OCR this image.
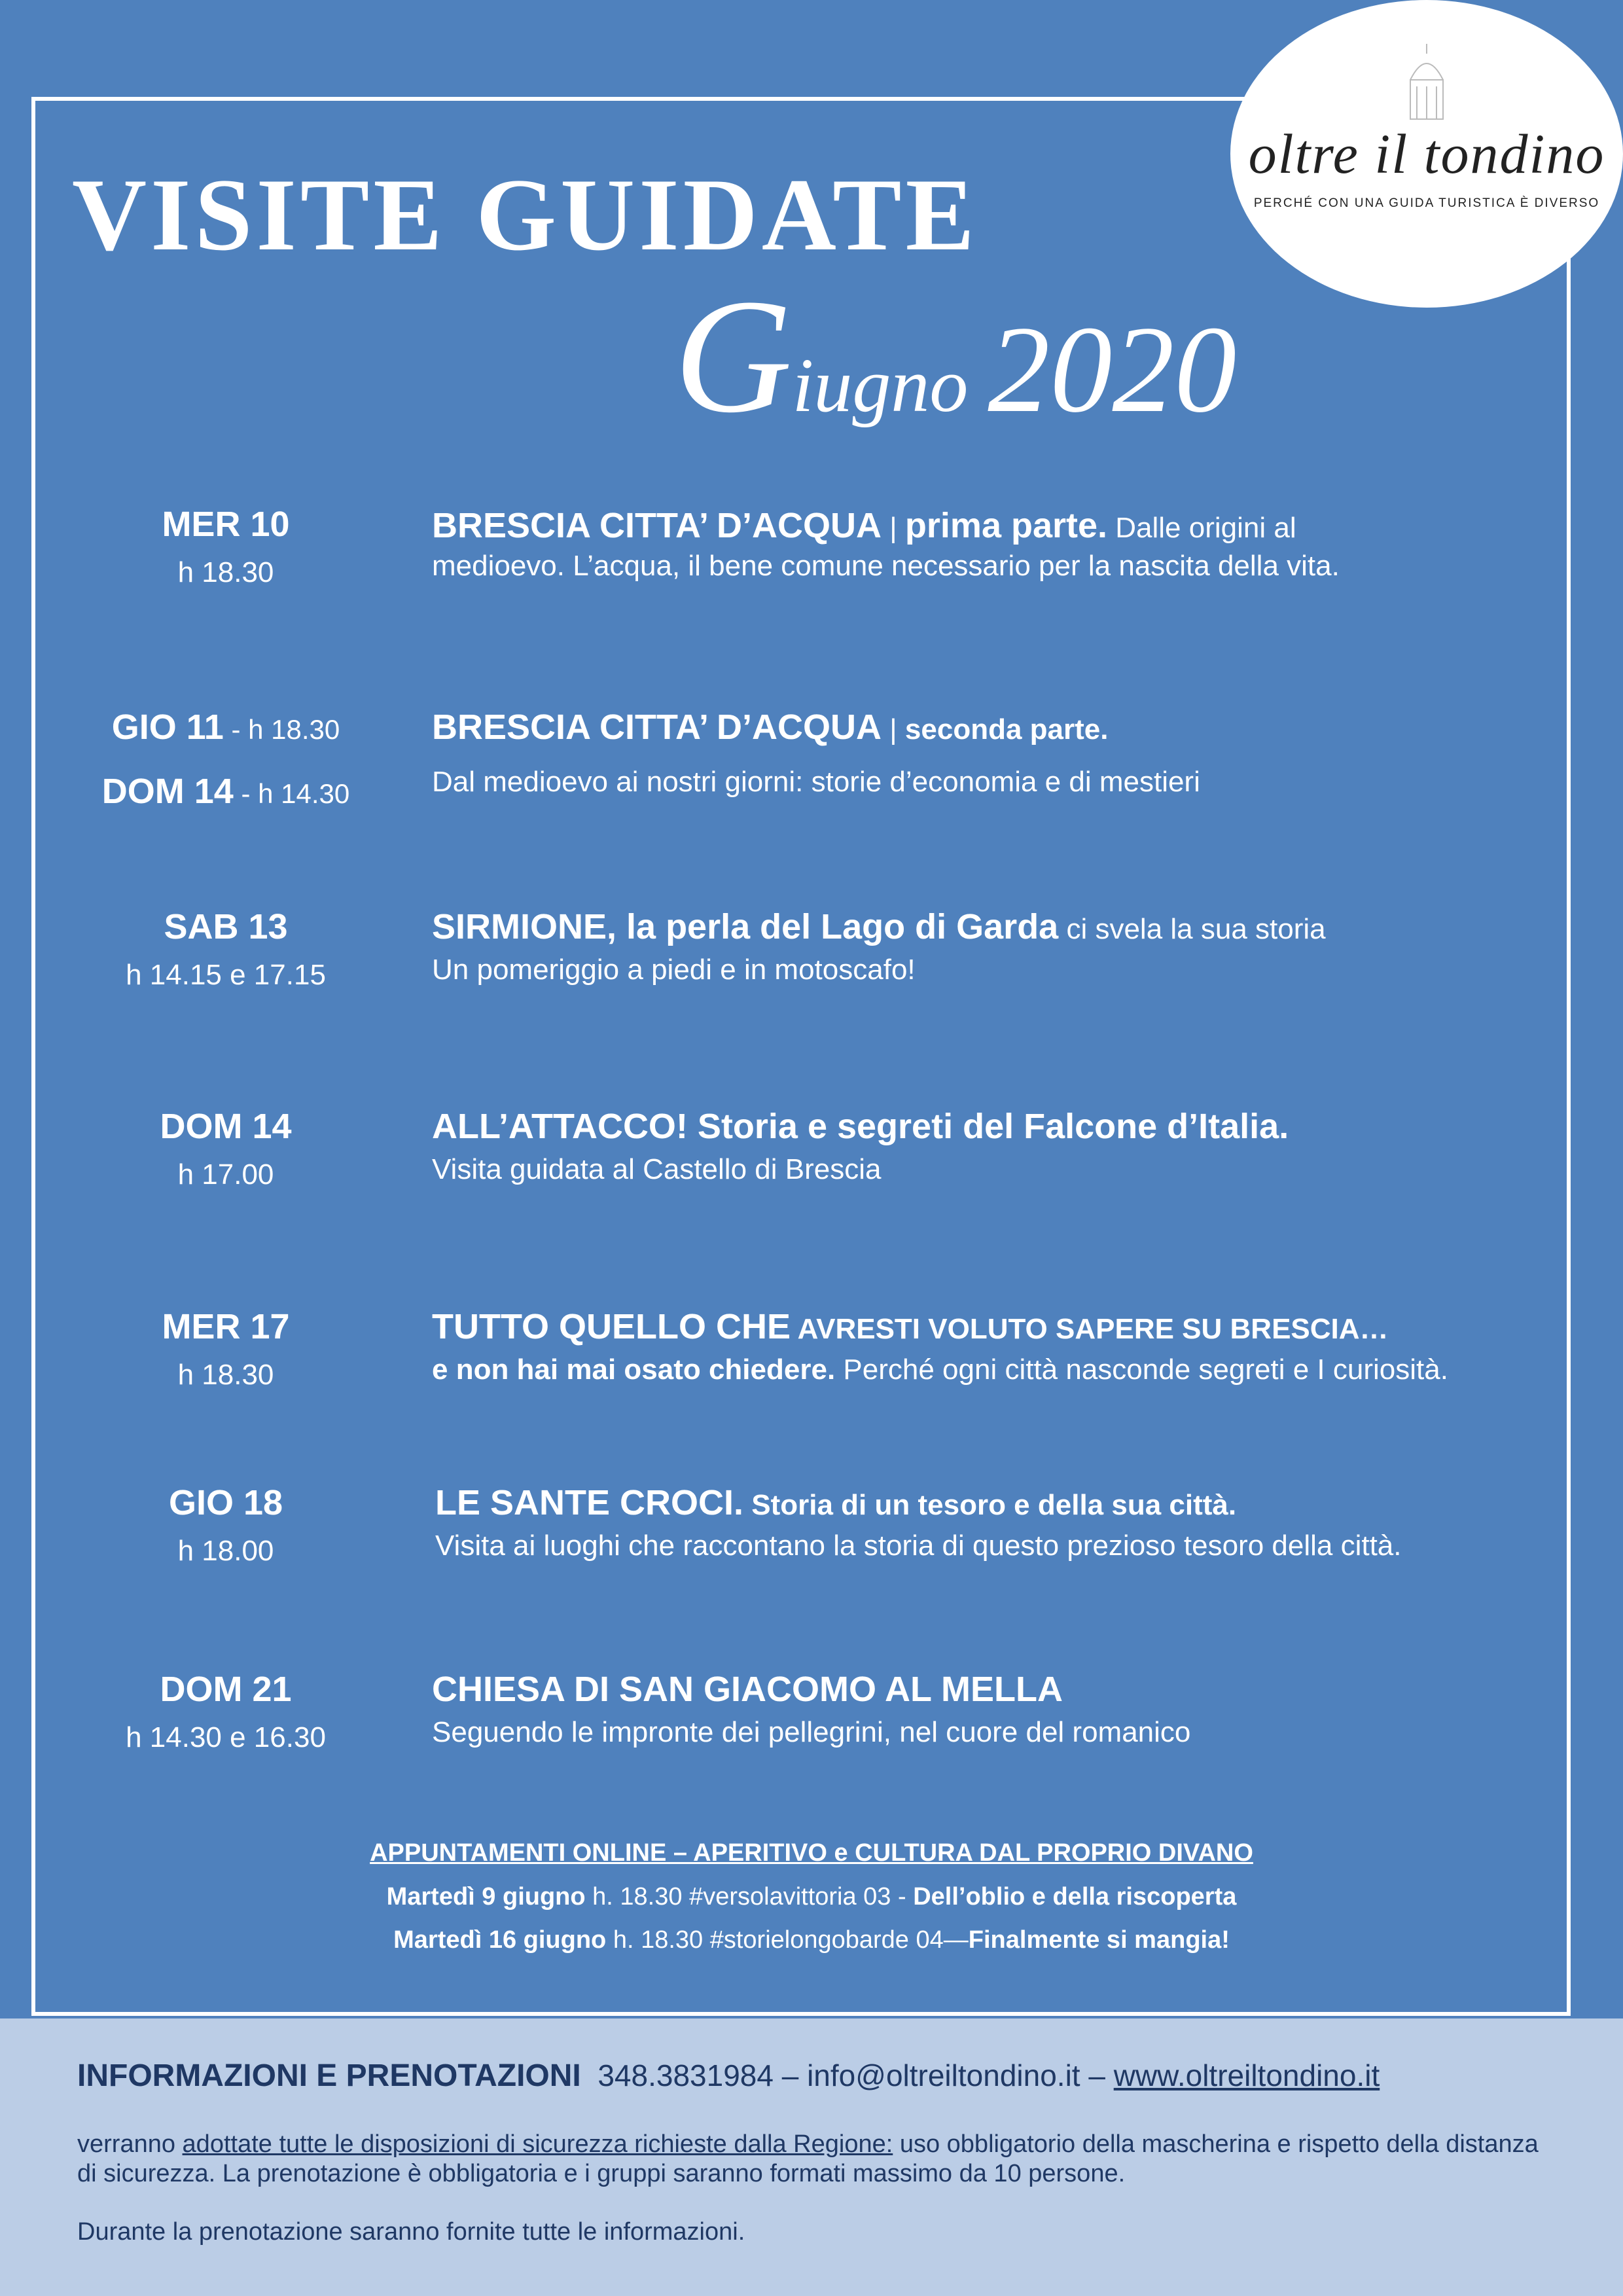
VISITE GUIDATE
Giugno 2020
oltre il tondino
PERCHÉ CON UNA GUIDA TURISTICA È DIVERSO
MER 10
h 18.30
BRESCIA CITTA’ D’ACQUA | prima parte. Dalle origini al
medioevo. L’acqua, il bene comune necessario per la nascita della vita.
GIO 11 - h 18.30
DOM 14 - h 14.30
BRESCIA CITTA’ D’ACQUA | seconda parte.
Dal medioevo ai nostri giorni: storie d’economia e di mestieri
SAB 13
h 14.15 e 17.15
SIRMIONE, la perla del Lago di Garda ci svela la sua storia
Un pomeriggio a piedi e in motoscafo!
DOM 14
h 17.00
ALL’ATTACCO! Storia e segreti del Falcone d’Italia.
Visita guidata al Castello di Brescia
MER 17
h 18.30
TUTTO QUELLO CHE AVRESTI VOLUTO SAPERE SU BRESCIA…
e non hai mai osato chiedere. Perché ogni città nasconde segreti e I curiosità.
GIO 18
h 18.00
LE SANTE CROCI. Storia di un tesoro e della sua città.
Visita ai luoghi che raccontano la storia di questo prezioso tesoro della città.
DOM 21
h 14.30 e 16.30
CHIESA DI SAN GIACOMO AL MELLA
Seguendo le impronte dei pellegrini, nel cuore del romanico
APPUNTAMENTI ONLINE – APERITIVO e CULTURA DAL PROPRIO DIVANO
Martedì 9 giugno h. 18.30 #versolavittoria 03 - Dell’oblio e della riscoperta
Martedì 16 giugno h. 18.30 #storielongobarde 04—Finalmente si mangia!
INFORMAZIONI E PRENOTAZIONI 348.3831984 – info@oltreiltondino.it – www.oltreiltondino.it
verranno adottate tutte le disposizioni di sicurezza richieste dalla Regione: uso obbligatorio della mascherina e rispetto della distanza di sicurezza. La prenotazione è obbligatoria e i gruppi saranno formati massimo da 10 persone.
Durante la prenotazione saranno fornite tutte le informazioni.
